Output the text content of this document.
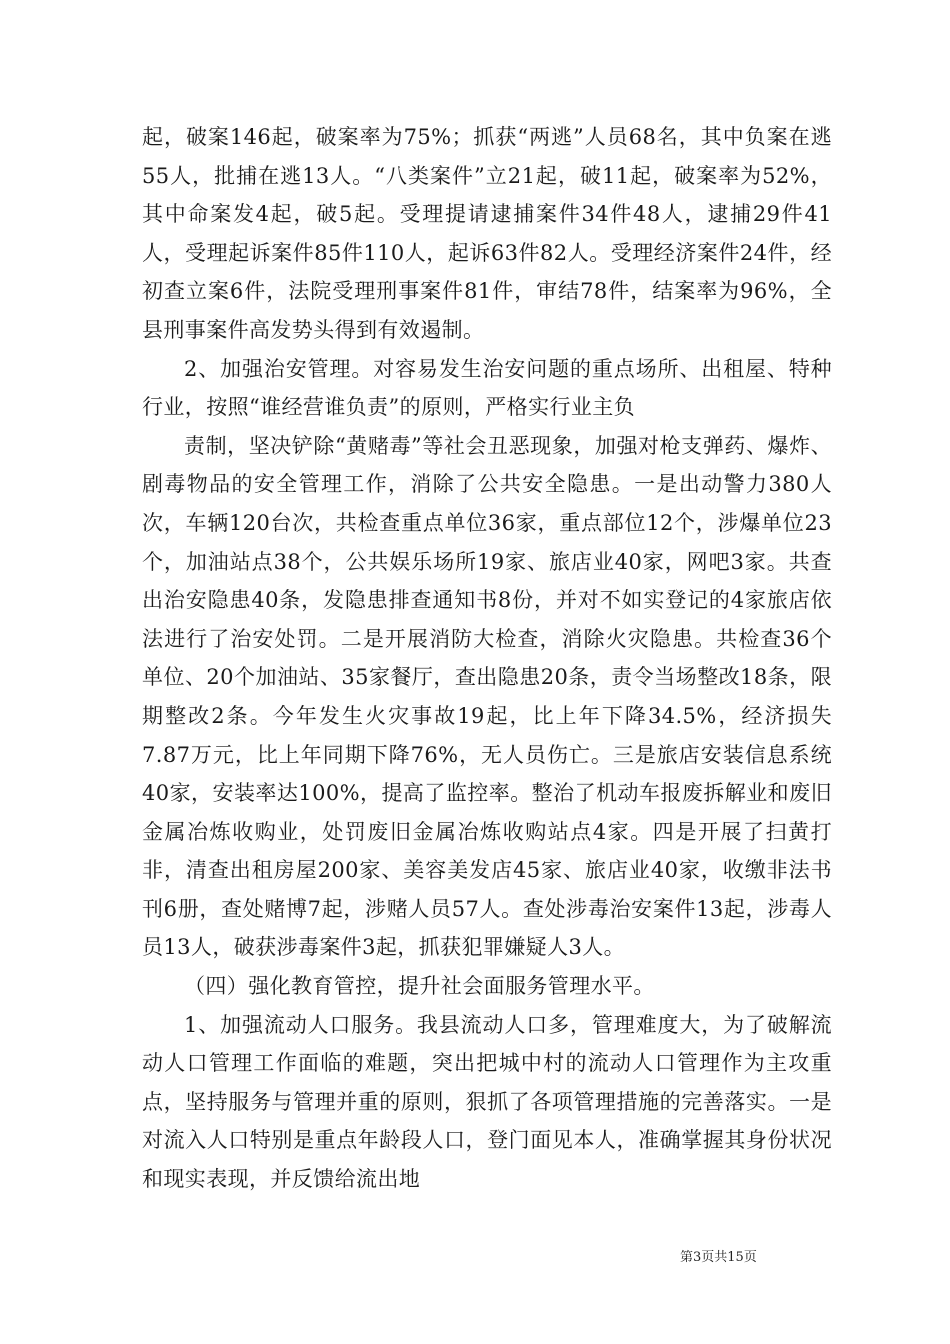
起，破案146起，破案率为75%；抓获“两逃”人员68名，其中负案在逃55人，批捕在逃13人。“八类案件”立21起，破11起，破案率为52%，其中命案发4起，破5起。受理提请逮捕案件34件48人，逮捕29件41人，受理起诉案件85件110人，起诉63件82人。受理经济案件24件，经初查立案6件，法院受理刑事案件81件，审结78件，结案率为96%，全县刑事案件高发势头得到有效遏制。

2、加强治安管理。对容易发生治安问题的重点场所、出租屋、特种行业，按照“谁经营谁负责”的原则，严格实行业主负

责制，坚决铲除“黄赌毒”等社会丑恶现象，加强对枪支弹药、爆炸、剧毒物品的安全管理工作，消除了公共安全隐患。一是出动警力380人次，车辆120台次，共检查重点单位36家，重点部位12个，涉爆单位23个，加油站点38个，公共娱乐场所19家、旅店业40家，网吧3家。共查出治安隐患40条，发隐患排查通知书8份，并对不如实登记的4家旅店依法进行了治安处罚。二是开展消防大检查，消除火灾隐患。共检查36个单位、20个加油站、35家餐厅，查出隐患20条，责令当场整改18条，限期整改2条。今年发生火灾事故19起，比上年下降34.5%，经济损失7.87万元，比上年同期下降76%，无人员伤亡。三是旅店安装信息系统40家，安装率达100%，提高了监控率。整治了机动车报废拆解业和废旧金属冶炼收购业，处罚废旧金属冶炼收购站点4家。四是开展了扫黄打非，清查出租房屋200家、美容美发店45家、旅店业40家，收缴非法书刊6册，查处赌博7起，涉赌人员57人。查处涉毒治安案件13起，涉毒人员13人，破获涉毒案件3起，抓获犯罪嫌疑人3人。

（四）强化教育管控，提升社会面服务管理水平。

1、加强流动人口服务。我县流动人口多，管理难度大，为了破解流动人口管理工作面临的难题，突出把城中村的流动人口管理作为主攻重点，坚持服务与管理并重的原则，狠抓了各项管理措施的完善落实。一是对流入人口特别是重点年龄段人口，登门面见本人，准确掌握其身份状况和现实表现，并反馈给流出地

第3页共15页
